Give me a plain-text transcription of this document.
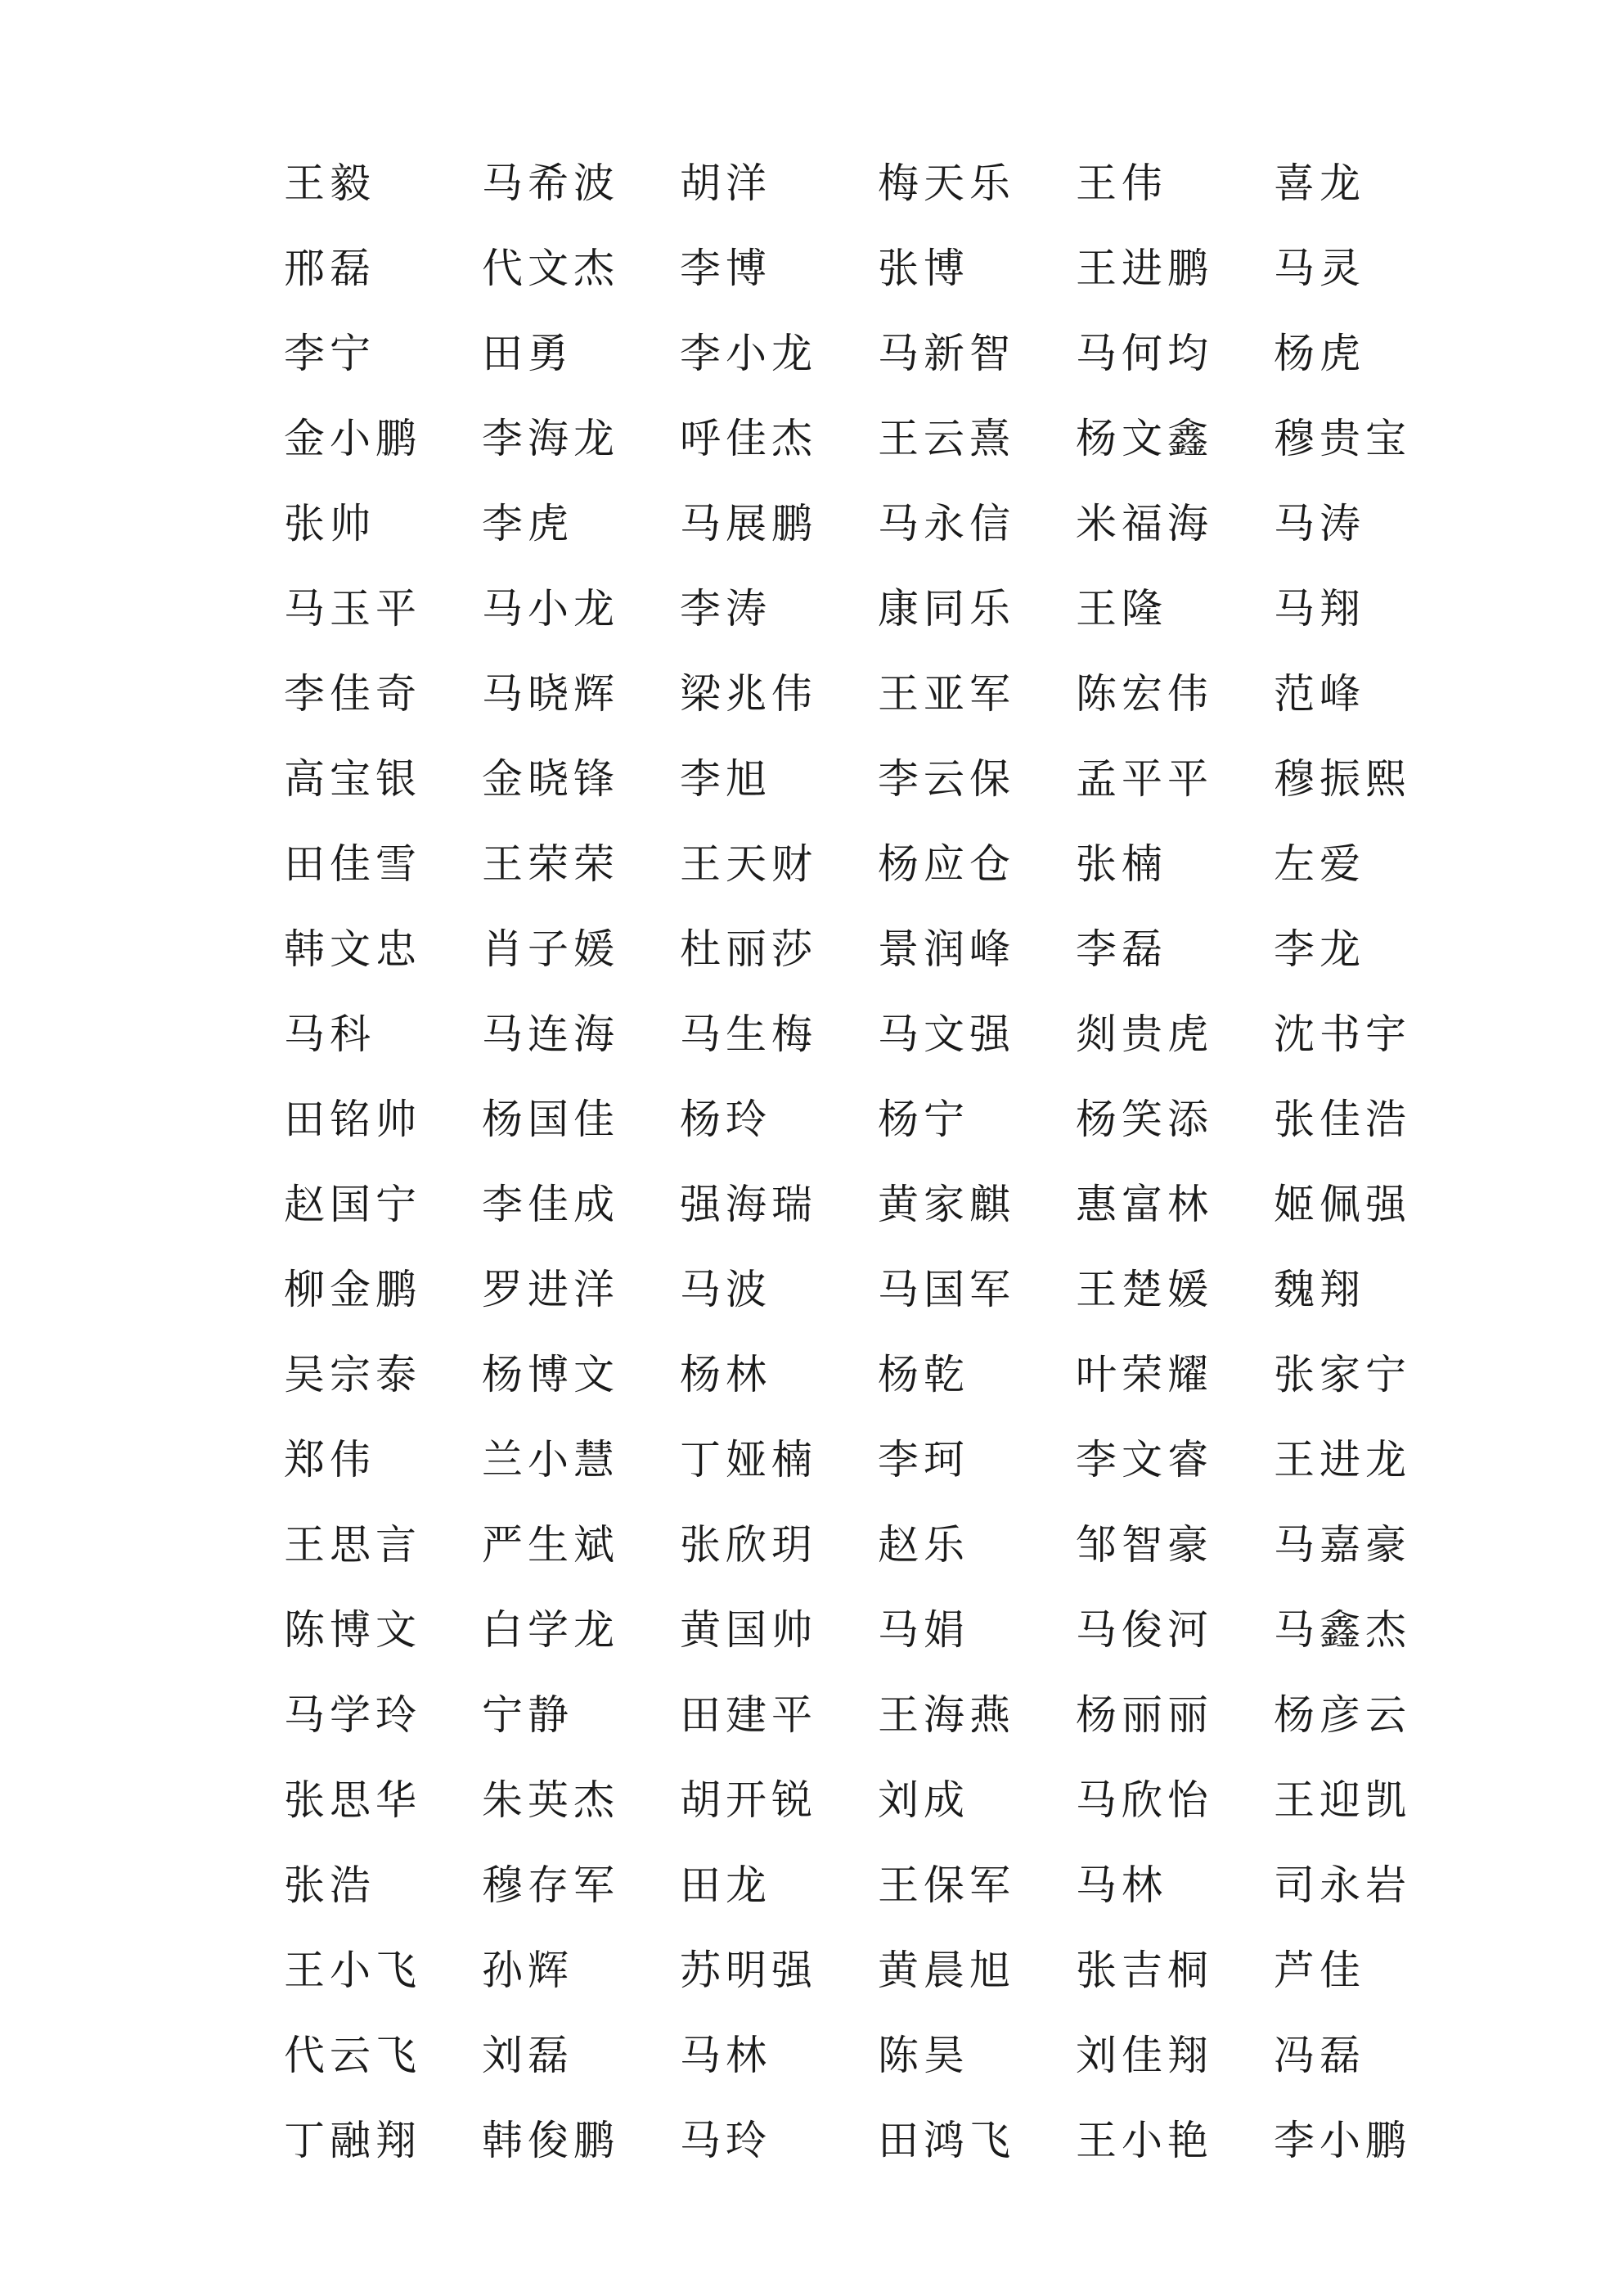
王毅	马希波	胡洋	梅天乐	王伟	喜龙
邢磊	代文杰	李博	张博	王进鹏	马灵
李宁	田勇	李小龙	马新智	马何均	杨虎
金小鹏	李海龙	呼佳杰	王云熹	杨文鑫	穆贵宝
张帅	李虎	马展鹏	马永信	米福海	马涛
马玉平	马小龙	李涛	康同乐	王隆	马翔
李佳奇	马晓辉	梁兆伟	王亚军	陈宏伟	范峰
高宝银	金晓锋	李旭	李云保	孟平平	穆振熙
田佳雪	王荣荣	王天财	杨应仓	张楠	左爱
韩文忠	肖子媛	杜丽莎	景润峰	李磊	李龙
马科	马连海	马生梅	马文强	剡贵虎	沈书宇
田铭帅	杨国佳	杨玲	杨宁	杨笑添	张佳浩
赵国宁	李佳成	强海瑞	黄家麒	惠富林	姬佩强
柳金鹏	罗进洋	马波	马国军	王楚媛	魏翔
吴宗泰	杨博文	杨林	杨乾	叶荣耀	张家宁
郑伟	兰小慧	丁娅楠	李珂	李文睿	王进龙
王思言	严生斌	张欣玥	赵乐	邹智豪	马嘉豪
陈博文	白学龙	黄国帅	马娟	马俊河	马鑫杰
马学玲	宁静	田建平	王海燕	杨丽丽	杨彦云
张思华	朱英杰	胡开锐	刘成	马欣怡	王迎凯
张浩	穆存军	田龙	王保军	马林	司永岩
王小飞	孙辉	苏明强	黄晨旭	张吉桐	芦佳
代云飞	刘磊	马林	陈昊	刘佳翔	冯磊
丁融翔	韩俊鹏	马玲	田鸿飞	王小艳	李小鹏
